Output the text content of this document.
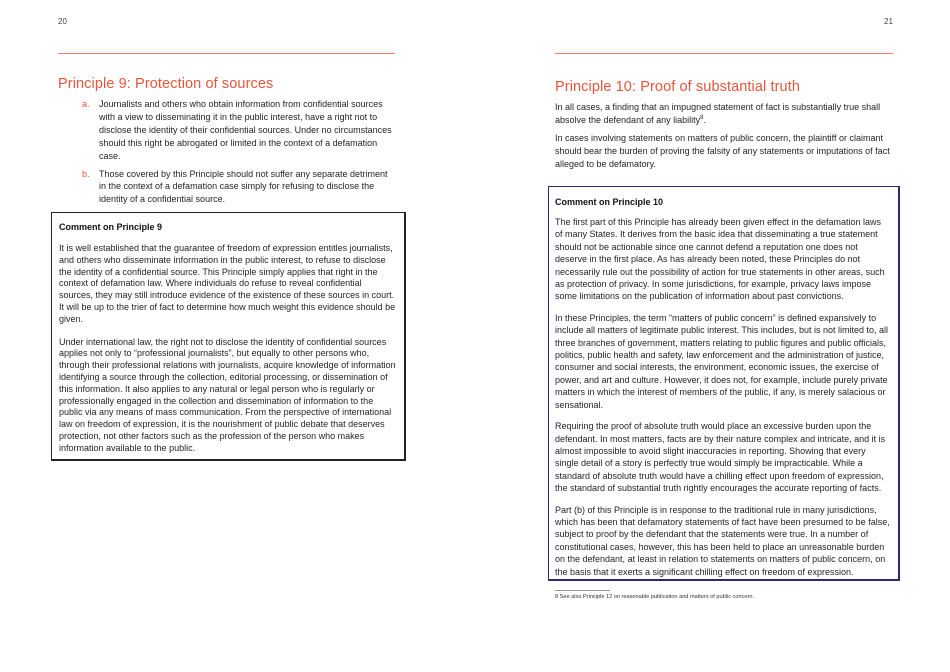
20
Principle 9: Protection of sources
a. Journalists and others who obtain information from confidential sources with a view to disseminating it in the public interest, have a right not to disclose the identity of their confidential sources. Under no circumstances should this right be abrogated or limited in the context of a defamation case.
b. Those covered by this Principle should not suffer any separate detriment in the context of a defamation case simply for refusing to disclose the identity of a confidential source.
Comment on Principle 9

It is well established that the guarantee of freedom of expression entitles journalists, and others who disseminate information in the public interest, to refuse to disclose the identity of a confidential source. This Principle simply applies that right in the context of defamation law. Where individuals do refuse to reveal confidential sources, they may still introduce evidence of the existence of these sources in court. It will be up to the trier of fact to determine how much weight this evidence should be given.

Under international law, the right not to disclose the identity of confidential sources applies not only to “professional journalists”, but equally to other persons who, through their professional relations with journalists, acquire knowledge of information identifying a source through the collection, editorial processing, or dissemination of this information. It also applies to any natural or legal person who is regularly or professionally engaged in the collection and dissemination of information to the public via any means of mass communication. From the perspective of international law on freedom of expression, it is the nourishment of public debate that deserves protection, not other factors such as the profession of the person who makes information available to the public.

21
Principle 10: Proof of substantial truth

In all cases, a finding that an impugned statement of fact is substantially true shall absolve the defendant of any liability$^8$.

In cases involving statements on matters of public concern, the plaintiff or claimant should bear the burden of proving the falsity of any statements or imputations of fact alleged to be defamatory.

Comment on Principle 10

The first part of this Principle has already been given effect in the defamation laws of many States. It derives from the basic idea that disseminating a true statement should not be actionable since one cannot defend a reputation one does not deserve in the first place. As has already been noted, these Principles do not necessarily rule out the possibility of action for true statements in other areas, such as protection of privacy. In some jurisdictions, for example, privacy laws impose some limitations on the publication of information about past convictions.

In these Principles, the term “matters of public concern” is defined expansively to include all matters of legitimate public interest. This includes, but is not limited to, all three branches of government, matters relating to public figures and public officials, politics, public health and safety, law enforcement and the administration of justice, consumer and social interests, the environment, economic issues, the exercise of power, and art and culture. However, it does not, for example, include purely private matters in which the interest of members of the public, if any, is merely salacious or sensational.

Requiring the proof of absolute truth would place an excessive burden upon the defendant. In most matters, facts are by their nature complex and intricate, and it is almost impossible to avoid slight inaccuracies in reporting. Showing that every single detail of a story is perfectly true would simply be impracticable. While a standard of absolute truth would have a chilling effect upon freedom of expression, the standard of substantial truth rightly encourages the accurate reporting of facts.

Part (b) of this Principle is in response to the traditional rule in many jurisdictions, which has been that defamatory statements of fact have been presumed to be false, subject to proof by the defendant that the statements were true. In a number of constitutional cases, however, this has been held to place an unreasonable burden on the defendant, at least in relation to statements on matters of public concern, on the basis that it exerts a significant chilling effect on freedom of expression.

8 See also Principle 12 on reasonable publication and matters of public concern.
